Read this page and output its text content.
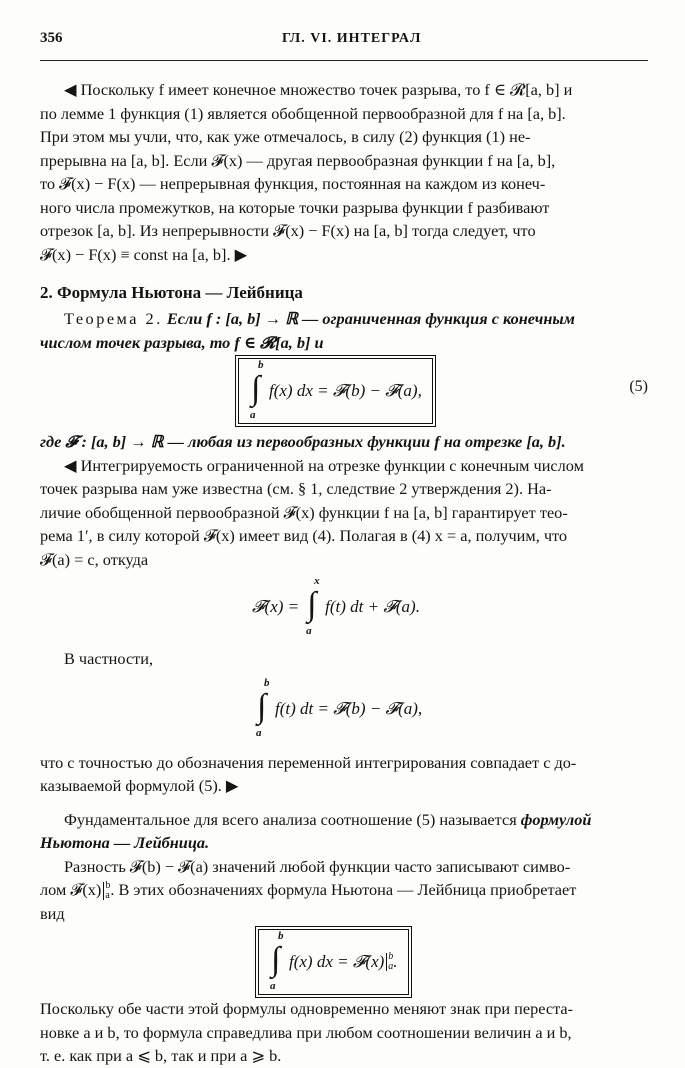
356	ГЛ. VI. ИНТЕГРАЛ

◀ Поскольку f имеет конечное множество точек разрыва, то f ∈ 𝓡[a, b] и

по лемме 1 функция (1) является обобщенной первообразной для f на [a, b].

При этом мы учли, что, как уже отмечалось, в силу (2) функция (1) не-

прерывна на [a, b]. Если 𝓕(x) — другая первообразная функции f на [a, b],

то 𝓕(x) − F(x) — непрерывная функция, постоянная на каждом из конеч-

ного числа промежутков, на которые точки разрыва функции f разбивают

отрезок [a, b]. Из непрерывности 𝓕(x) − F(x) на [a, b] тогда следует, что

𝓕(x) − F(x) ≡ const на [a, b]. ▶

2. Формула Ньютона — Лейбница

Теорема 2. Если f : [a, b] → ℝ — ограниченная функция с конечным

числом точек разрыва, то f ∈ 𝓡[a, b] и

b
∫
a
f(x) dx = 𝓕(b) − 𝓕(a),	(5)

где 𝓕 : [a, b] → ℝ — любая из первообразных функции f на отрезке [a, b].

◀ Интегрируемость ограниченной на отрезке функции с конечным числом

точек разрыва нам уже известна (см. § 1, следствие 2 утверждения 2). На-

личие обобщенной первообразной 𝓕(x) функции f на [a, b] гарантирует тео-

рема 1′, в силу которой 𝓕(x) имеет вид (4). Полагая в (4) x = a, получим, что

𝓕(a) = c, откуда

𝓕(x) =
x
∫
a
f(t) dt + 𝓕(a).

В частности,

b
∫
a
f(t) dt = 𝓕(b) − 𝓕(a),

что с точностью до обозначения переменной интегрирования совпадает с до-

казываемой формулой (5). ▶

Фундаментальное для всего анализа соотношение (5) называется формулой

Ньютона — Лейбница.

Разность 𝓕(b) − 𝓕(a) значений любой функции часто записывают симво-

лом 𝓕(x) b
a . В этих обозначениях формула Ньютона — Лейбница приобретает

вид

b
∫
a
f(x) dx = 𝓕(x) b
a .

Поскольку обе части этой формулы одновременно меняют знак при переста-

новке a и b, то формула справедлива при любом соотношении величин a и b,

т. е. как при a ⩽ b, так и при a ⩾ b.
